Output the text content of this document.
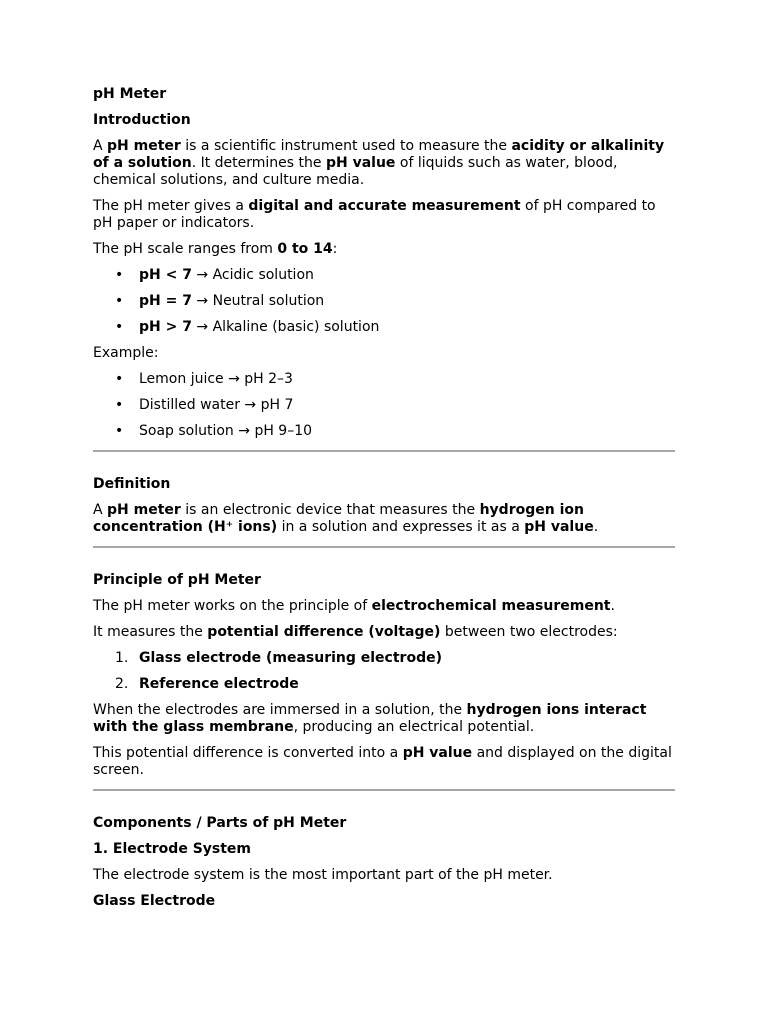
pH Meter

Introduction

A pH meter is a scientific instrument used to measure the acidity or alkalinity of a solution. It determines the pH value of liquids such as water, blood, chemical solutions, and culture media.

The pH meter gives a digital and accurate measurement of pH compared to pH paper or indicators.

The pH scale ranges from 0 to 14:

• pH < 7 → Acidic solution
• pH = 7 → Neutral solution
• pH > 7 → Alkaline (basic) solution

Example:

• Lemon juice → pH 2–3
• Distilled water → pH 7
• Soap solution → pH 9–10

Definition

A pH meter is an electronic device that measures the hydrogen ion concentration (H⁺ ions) in a solution and expresses it as a pH value.

Principle of pH Meter

The pH meter works on the principle of electrochemical measurement.

It measures the potential difference (voltage) between two electrodes:

1. Glass electrode (measuring electrode)
2. Reference electrode

When the electrodes are immersed in a solution, the hydrogen ions interact with the glass membrane, producing an electrical potential.

This potential difference is converted into a pH value and displayed on the digital screen.

Components / Parts of pH Meter

1. Electrode System

The electrode system is the most important part of the pH meter.

Glass Electrode
